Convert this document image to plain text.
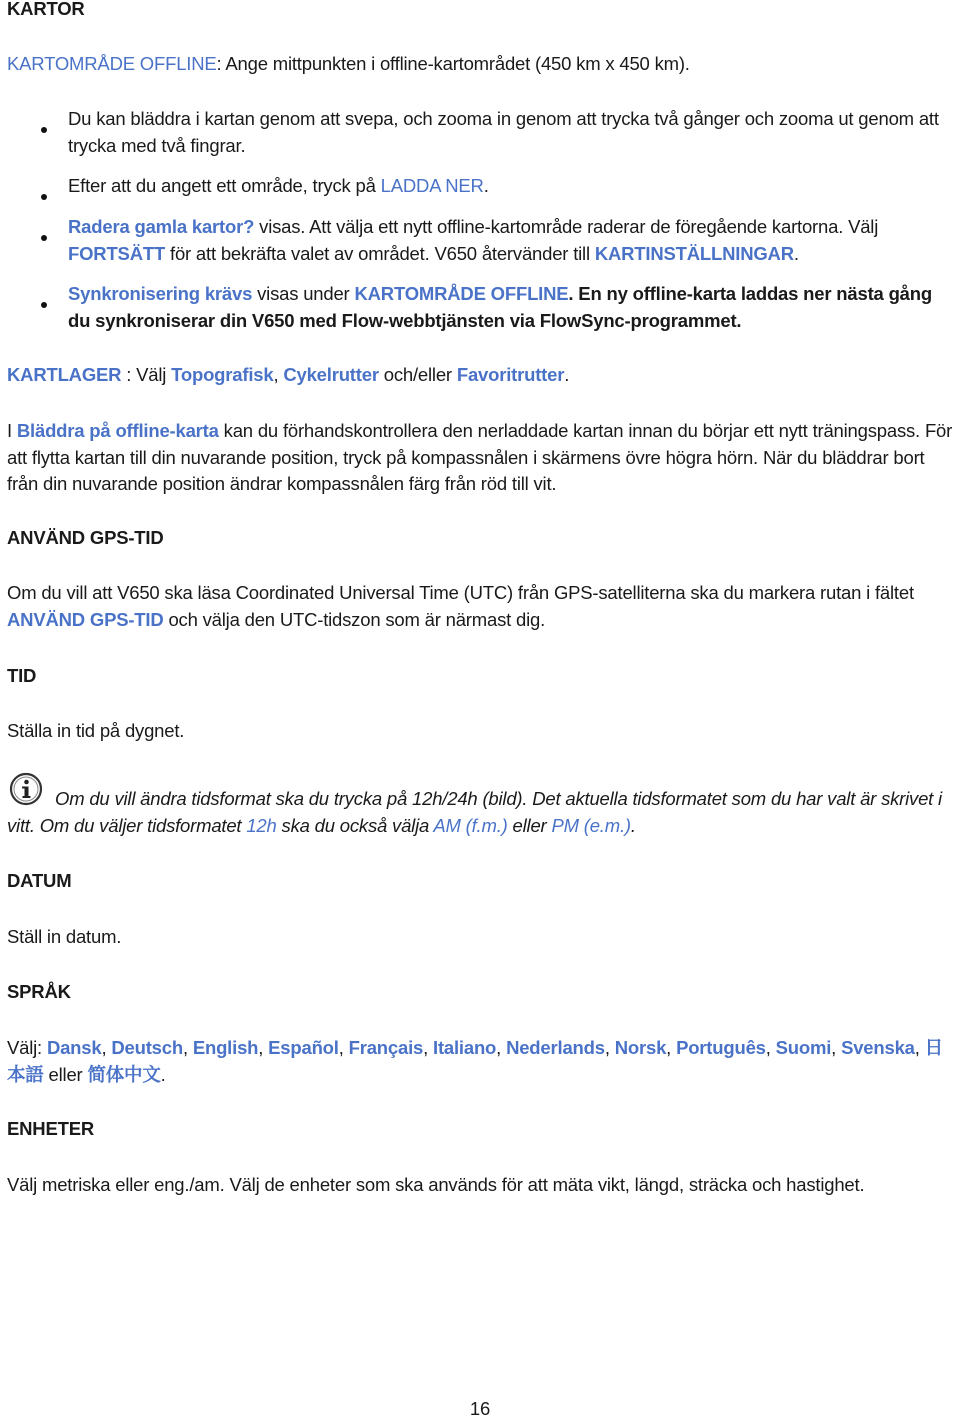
KARTOR

KARTOMRÅDE OFFLINE: Ange mittpunkten i offline-kartområdet (450 km x 450 km).

Du kan bläddra i kartan genom att svepa, och zooma in genom att trycka två gånger och zooma ut genom att trycka med två fingrar.

Efter att du angett ett område, tryck på LADDA NER.

Radera gamla kartor? visas. Att välja ett nytt offline-kartområde raderar de föregående kartorna. Välj FORTSÄTT för att bekräfta valet av området. V650 återvänder till KARTINSTÄLLNINGAR.

Synkronisering krävs visas under KARTOMRÅDE OFFLINE. En ny offline-karta laddas ner nästa gång du synkroniserar din V650 med Flow-webbtjänsten via FlowSync-programmet.

KARTLAGER : Välj Topografisk, Cykelrutter och/eller Favoritrutter.

I Bläddra på offline-karta kan du förhandskontrollera den nerladdade kartan innan du börjar ett nytt träningspass. För att flytta kartan till din nuvarande position, tryck på kompassnålen i skärmens övre högra hörn. När du bläddrar bort från din nuvarande position ändrar kompassnålen färg från röd till vit.

ANVÄND GPS-TID

Om du vill att V650 ska läsa Coordinated Universal Time (UTC) från GPS-satelliterna ska du markera rutan i fältet ANVÄND GPS-TID och välja den UTC-tidszon som är närmast dig.

TID

Ställa in tid på dygnet.

Om du vill ändra tidsformat ska du trycka på 12h/24h (bild). Det aktuella tidsformatet som du har valt är skrivet i vitt. Om du väljer tidsformatet 12h ska du också välja AM (f.m.) eller PM (e.m.).

DATUM

Ställ in datum.

SPRÅK

Välj: Dansk, Deutsch, English, Español, Français, Italiano, Nederlands, Norsk, Português, Suomi, Svenska, 日本語 eller 简体中文.

ENHETER

Välj metriska eller eng./am. Välj de enheter som ska används för att mäta vikt, längd, sträcka och hastighet.

16
